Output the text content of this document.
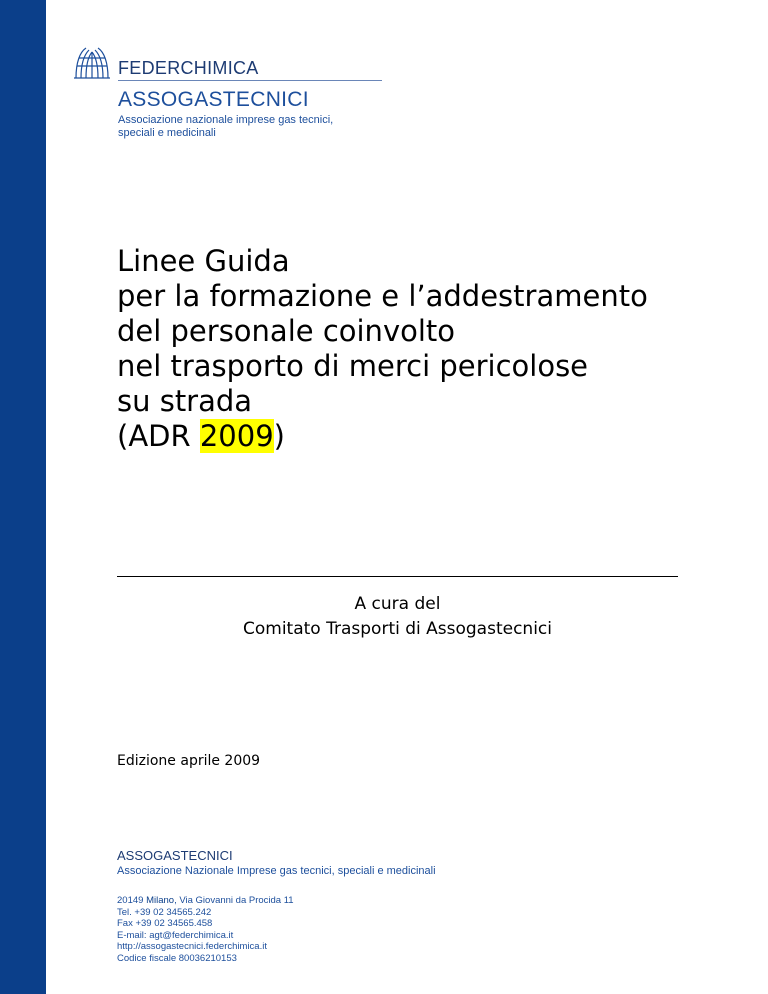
FEDERCHIMICA
ASSOGASTECNICI
Associazione nazionale imprese gas tecnici,
speciali e medicinali
Linee Guida
per la formazione e l’addestramento
del personale coinvolto
nel trasporto di merci pericolose
su strada
(ADR 2009)
A cura del
Comitato Trasporti di Assogastecnici
Edizione aprile 2009
ASSOGASTECNICI
Associazione Nazionale Imprese gas tecnici, speciali e medicinali
20149 Milano, Via Giovanni da Procida 11
Tel. +39 02 34565.242
Fax +39 02 34565.458
E-mail: agt@federchimica.it
http://assogastecnici.federchimica.it
Codice fiscale 80036210153
